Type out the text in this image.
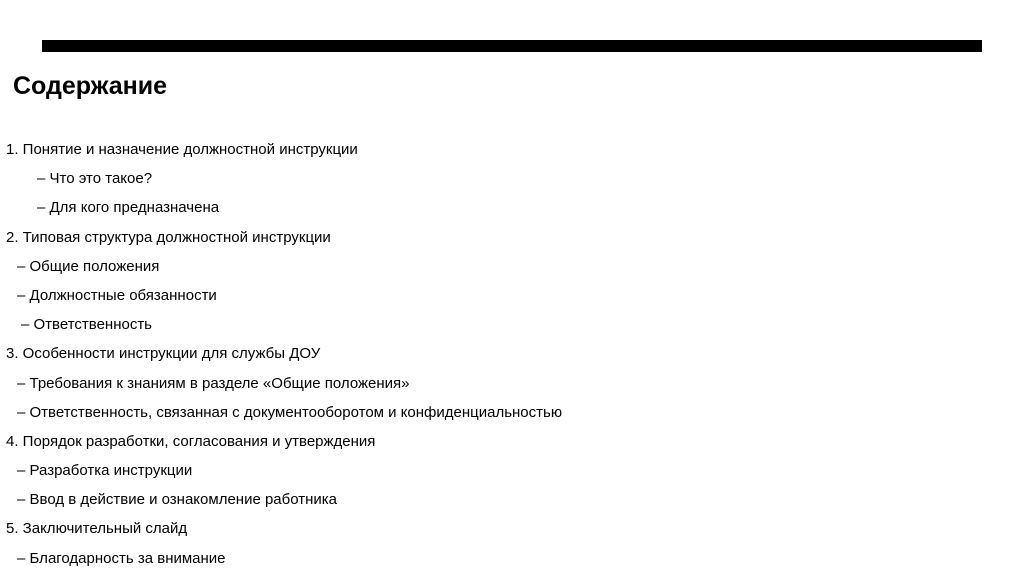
Содержание
1. Понятие и назначение должностной инструкции
– Что это такое?
– Для кого предназначена
2. Типовая структура должностной инструкции
– Общие положения
– Должностные обязанности
– Ответственность
3. Особенности инструкции для службы ДОУ
– Требования к знаниям в разделе «Общие положения»
– Ответственность, связанная с документооборотом и конфиденциальностью
4. Порядок разработки, согласования и утверждения
– Разработка инструкции
– Ввод в действие и ознакомление работника
5. Заключительный слайд
– Благодарность за внимание
